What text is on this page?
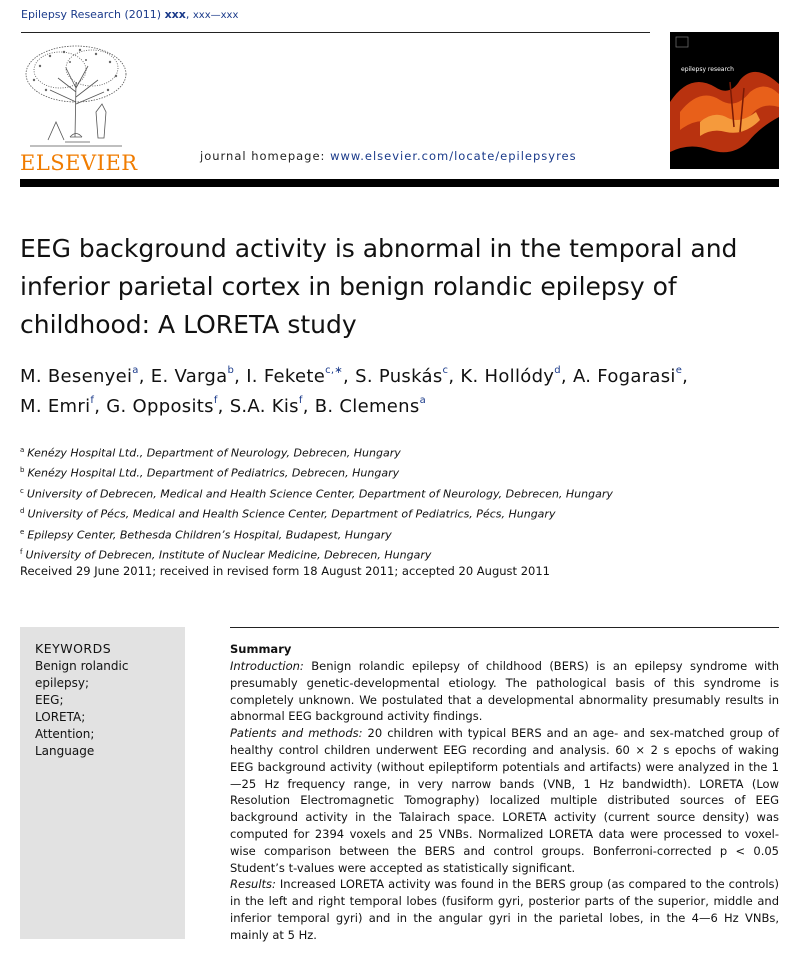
Epilepsy Research (2011) xxx, xxx—xxx
ELSEVIER	journal homepage: www.elsevier.com/locate/epilepsyres
epilepsy research
EEG background activity is abnormal in the temporal and inferior parietal cortex in benign rolandic epilepsy of childhood: A LORETA study
M. Besenyei$^a$, E. Varga$^b$, I. Fekete$^{c,∗}$, S. Puskás$^c$, K. Hollódy$^d$, A. Fogarasi$^e$,
M. Emri$^f$, G. Opposits$^f$, S.A. Kis$^f$, B. Clemens$^a$
$^a$ Kenézy Hospital Ltd., Department of Neurology, Debrecen, Hungary
$^b$ Kenézy Hospital Ltd., Department of Pediatrics, Debrecen, Hungary
$^c$ University of Debrecen, Medical and Health Science Center, Department of Neurology, Debrecen, Hungary
$^d$ University of Pécs, Medical and Health Science Center, Department of Pediatrics, Pécs, Hungary
$^e$ Epilepsy Center, Bethesda Children’s Hospital, Budapest, Hungary
$^f$ University of Debrecen, Institute of Nuclear Medicine, Debrecen, Hungary
Received 29 June 2011; received in revised form 18 August 2011; accepted 20 August 2011
KEYWORDS
Benign rolandic epilepsy;
EEG;
LORETA;
Attention;
Language
Summary

Introduction: Benign rolandic epilepsy of childhood (BERS) is an epilepsy syndrome with presumably genetic-developmental etiology. The pathological basis of this syndrome is completely unknown. We postulated that a developmental abnormality presumably results in abnormal EEG background activity findings.

Patients and methods: 20 children with typical BERS and an age- and sex-matched group of healthy control children underwent EEG recording and analysis. 60 × 2 s epochs of waking EEG background activity (without epileptiform potentials and artifacts) were analyzed in the 1—25 Hz frequency range, in very narrow bands (VNB, 1 Hz bandwidth). LORETA (Low Resolution Electromagnetic Tomography) localized multiple distributed sources of EEG background activity in the Talairach space. LORETA activity (current source density) was computed for 2394 voxels and 25 VNBs. Normalized LORETA data were processed to voxel-wise comparison between the BERS and control groups. Bonferroni-corrected p < 0.05 Student’s t-values were accepted as statistically significant.

Results: Increased LORETA activity was found in the BERS group (as compared to the controls) in the left and right temporal lobes (fusiform gyri, posterior parts of the superior, middle and inferior temporal gyri) and in the angular gyri in the parietal lobes, in the 4—6 Hz VNBs, mainly at 5 Hz.
